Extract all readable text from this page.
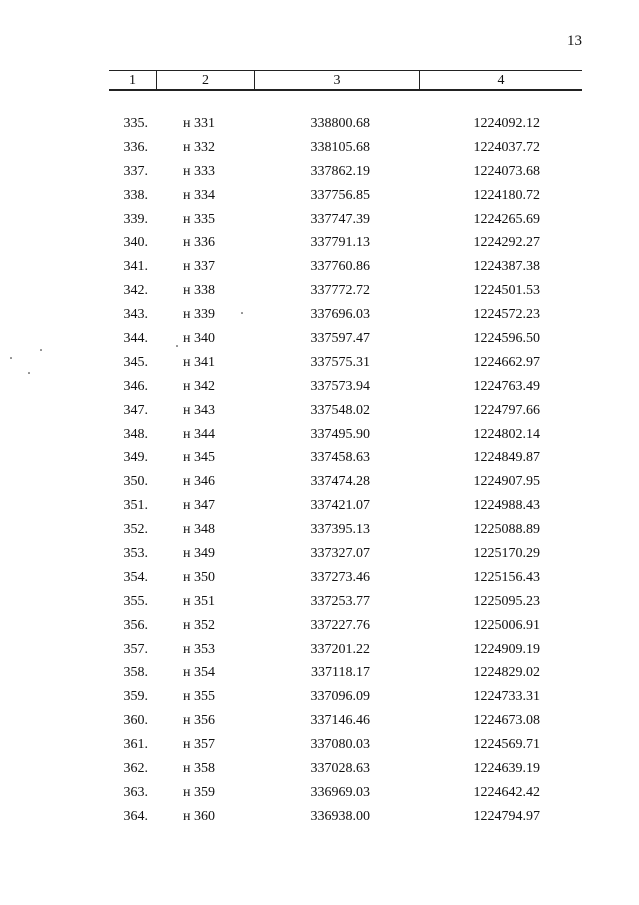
13
1	2	3	4
335.	н 331	338800.68	1224092.12
336.	н 332	338105.68	1224037.72
337.	н 333	337862.19	1224073.68
338.	н 334	337756.85	1224180.72
339.	н 335	337747.39	1224265.69
340.	н 336	337791.13	1224292.27
341.	н 337	337760.86	1224387.38
342.	н 338	337772.72	1224501.53
343.	н 339	337696.03	1224572.23
344.	н 340	337597.47	1224596.50
345.	н 341	337575.31	1224662.97
346.	н 342	337573.94	1224763.49
347.	н 343	337548.02	1224797.66
348.	н 344	337495.90	1224802.14
349.	н 345	337458.63	1224849.87
350.	н 346	337474.28	1224907.95
351.	н 347	337421.07	1224988.43
352.	н 348	337395.13	1225088.89
353.	н 349	337327.07	1225170.29
354.	н 350	337273.46	1225156.43
355.	н 351	337253.77	1225095.23
356.	н 352	337227.76	1225006.91
357.	н 353	337201.22	1224909.19
358.	н 354	337118.17	1224829.02
359.	н 355	337096.09	1224733.31
360.	н 356	337146.46	1224673.08
361.	н 357	337080.03	1224569.71
362.	н 358	337028.63	1224639.19
363.	н 359	336969.03	1224642.42
364.	н 360	336938.00	1224794.97
